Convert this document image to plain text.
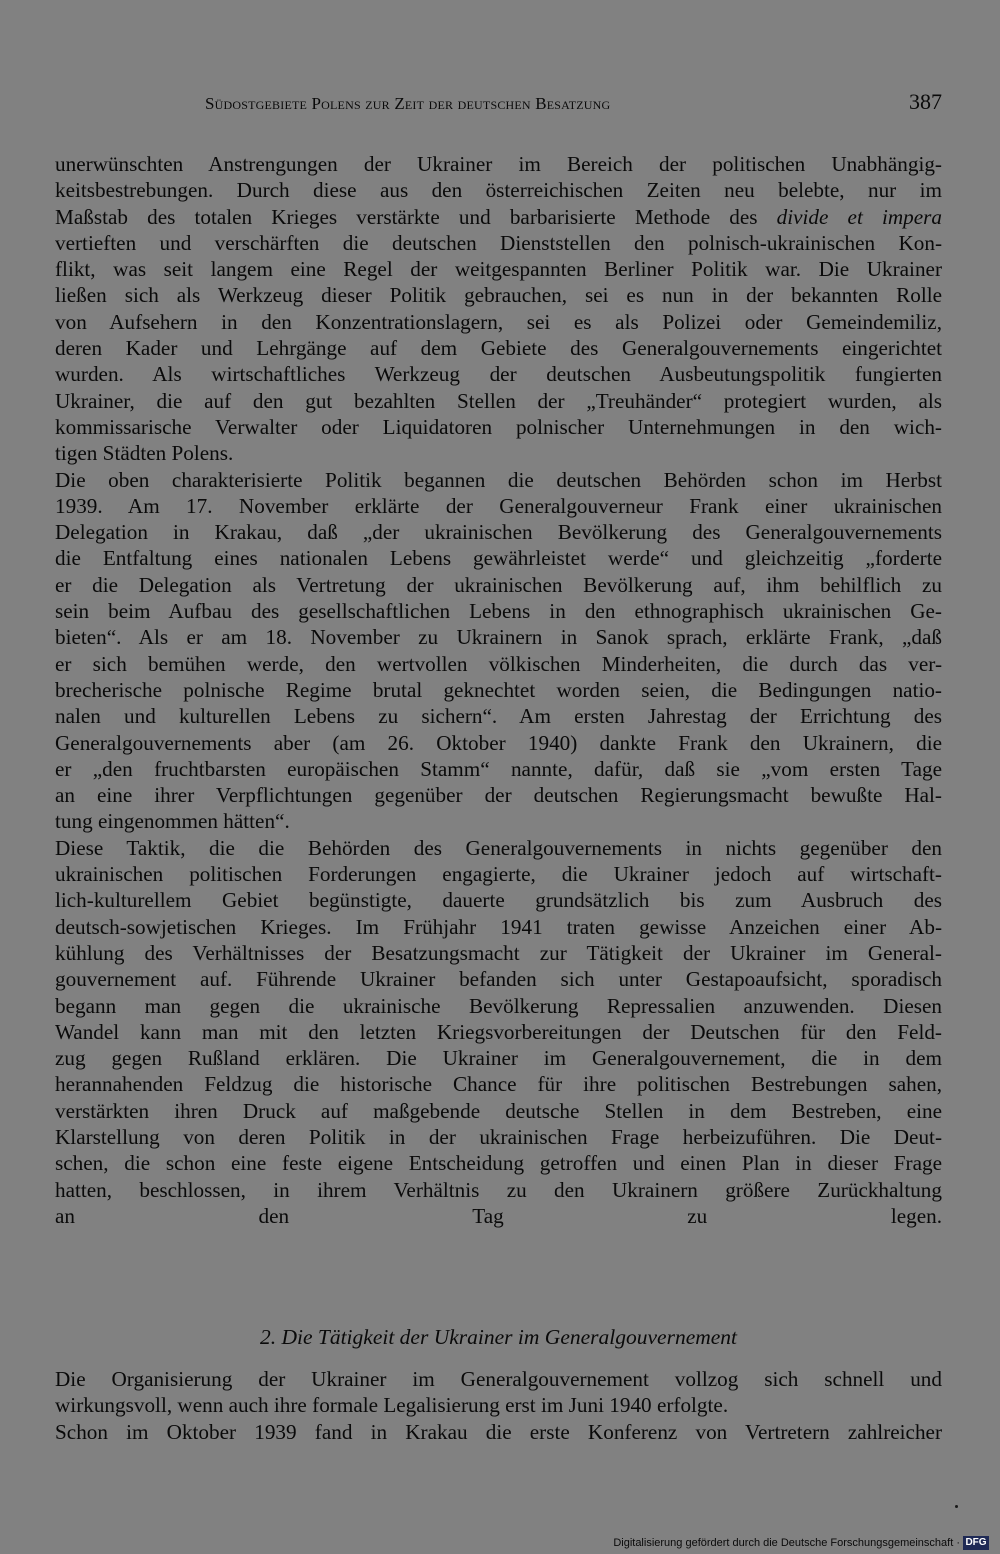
Südostgebiete Polens zur Zeit der deutschen Besatzung	387
unerwünschten Anstrengungen der Ukrainer im Bereich der politischen Unabhängig-
keitsbestrebungen. Durch diese aus den österreichischen Zeiten neu belebte, nur im
Maßstab des totalen Krieges verstärkte und barbarisierte Methode des divide et impera
vertieften und verschärften die deutschen Dienststellen den polnisch-ukrainischen Kon-
flikt, was seit langem eine Regel der weitgespannten Berliner Politik war. Die Ukrainer
ließen sich als Werkzeug dieser Politik gebrauchen, sei es nun in der bekannten Rolle
von Aufsehern in den Konzentrationslagern, sei es als Polizei oder Gemeindemiliz,
deren Kader und Lehrgänge auf dem Gebiete des Generalgouvernements eingerichtet
wurden. Als wirtschaftliches Werkzeug der deutschen Ausbeutungspolitik fungierten
Ukrainer, die auf den gut bezahlten Stellen der „Treuhänder“ protegiert wurden, als
kommissarische Verwalter oder Liquidatoren polnischer Unternehmungen in den wich-
tigen Städten Polens.
Die oben charakterisierte Politik begannen die deutschen Behörden schon im Herbst
1939. Am 17. November erklärte der Generalgouverneur Frank einer ukrainischen
Delegation in Krakau, daß „der ukrainischen Bevölkerung des Generalgouvernements
die Entfaltung eines nationalen Lebens gewährleistet werde“ und gleichzeitig „forderte
er die Delegation als Vertretung der ukrainischen Bevölkerung auf, ihm behilflich zu
sein beim Aufbau des gesellschaftlichen Lebens in den ethnographisch ukrainischen Ge-
bieten“. Als er am 18. November zu Ukrainern in Sanok sprach, erklärte Frank, „daß
er sich bemühen werde, den wertvollen völkischen Minderheiten, die durch das ver-
brecherische polnische Regime brutal geknechtet worden seien, die Bedingungen natio-
nalen und kulturellen Lebens zu sichern“. Am ersten Jahrestag der Errichtung des
Generalgouvernements aber (am 26. Oktober 1940) dankte Frank den Ukrainern, die
er „den fruchtbarsten europäischen Stamm“ nannte, dafür, daß sie „vom ersten Tage
an eine ihrer Verpflichtungen gegenüber der deutschen Regierungsmacht bewußte Hal-
tung eingenommen hätten“.
Diese Taktik, die die Behörden des Generalgouvernements in nichts gegenüber den
ukrainischen politischen Forderungen engagierte, die Ukrainer jedoch auf wirtschaft-
lich-kulturellem Gebiet begünstigte, dauerte grundsätzlich bis zum Ausbruch des
deutsch-sowjetischen Krieges. Im Frühjahr 1941 traten gewisse Anzeichen einer Ab-
kühlung des Verhältnisses der Besatzungsmacht zur Tätigkeit der Ukrainer im General-
gouvernement auf. Führende Ukrainer befanden sich unter Gestapoaufsicht, sporadisch
begann man gegen die ukrainische Bevölkerung Repressalien anzuwenden. Diesen
Wandel kann man mit den letzten Kriegsvorbereitungen der Deutschen für den Feld-
zug gegen Rußland erklären. Die Ukrainer im Generalgouvernement, die in dem
herannahenden Feldzug die historische Chance für ihre politischen Bestrebungen sahen,
verstärkten ihren Druck auf maßgebende deutsche Stellen in dem Bestreben, eine
Klarstellung von deren Politik in der ukrainischen Frage herbeizuführen. Die Deut-
schen, die schon eine feste eigene Entscheidung getroffen und einen Plan in dieser Frage
hatten, beschlossen, in ihrem Verhältnis zu den Ukrainern größere Zurückhaltung
an den Tag zu legen.
2. Die Tätigkeit der Ukrainer im Generalgouvernement
Die Organisierung der Ukrainer im Generalgouvernement vollzog sich schnell und
wirkungsvoll, wenn auch ihre formale Legalisierung erst im Juni 1940 erfolgte.
Schon im Oktober 1939 fand in Krakau die erste Konferenz von Vertretern zahlreicher
Digitalisierung gefördert durch die Deutsche Forschungsgemeinschaft · DFG
